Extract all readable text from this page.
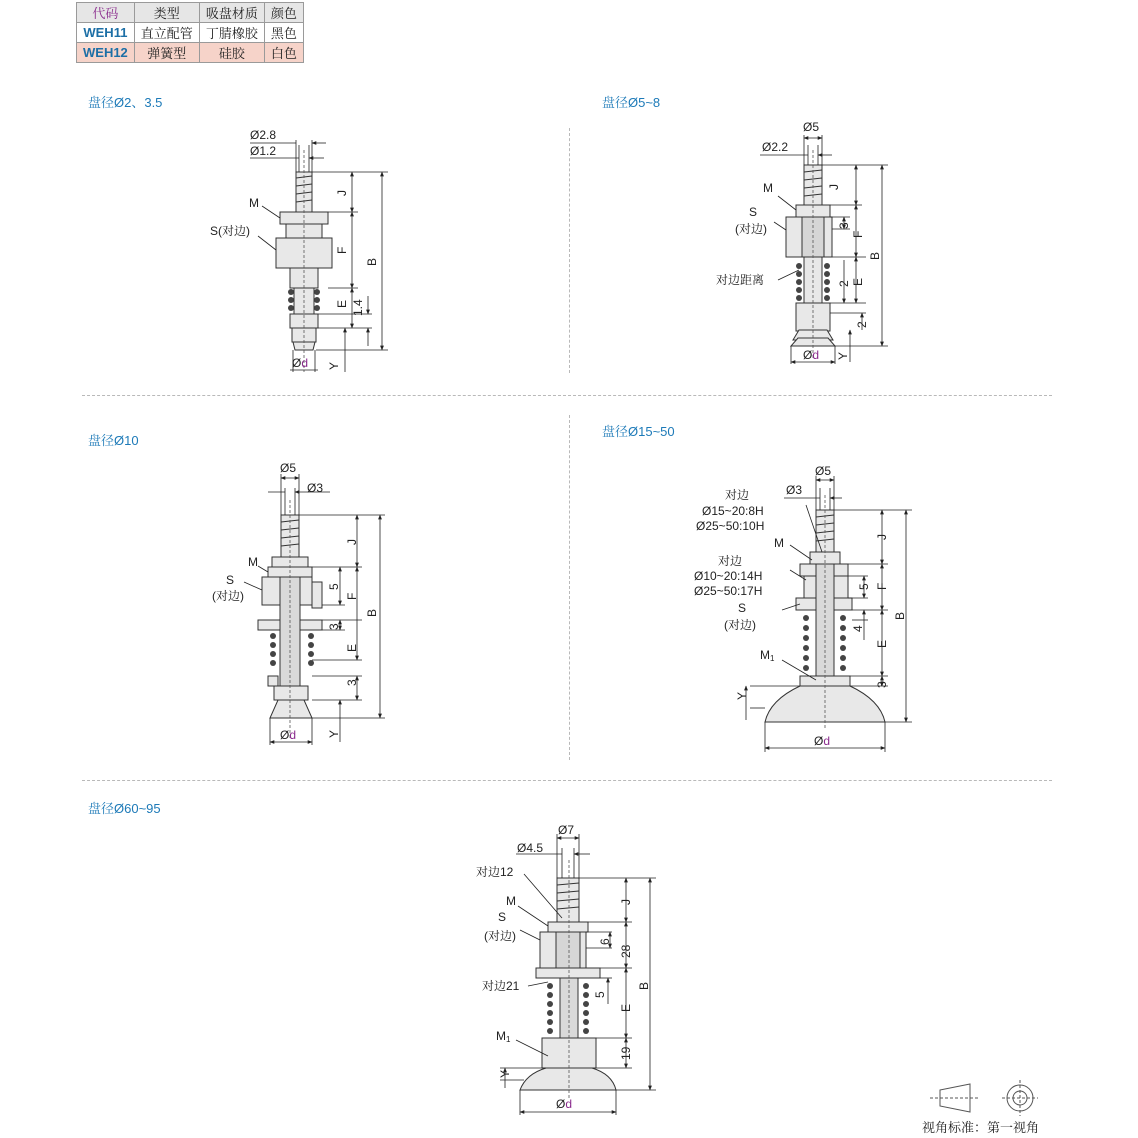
代码	类型	吸盘材质	颜色
WEH11	直立配管	丁腈橡胶	黑色
WEH12	弹簧型	硅胶	白色
盘径Ø2、3.5	盘径Ø5~8
盘径Ø10
盘径Ø15~50
盘径Ø60~95
Ø2.8
Ø1.2
M
S(对边)
J
F
E 1.4
B
Y
Ød
Ø5
Ø2.2
M
S
(对边)
对边距离
J
F
3
E
2
2
B
Y
Ød
Ø5
Ø3
M
S
(对边)
J
F
5
3
E
3
B
Y
Ød
Ø5
Ø3
对边
Ø15~20:8H
Ø25~50:10H
M
对边
Ø10~20:14H
Ø25~50:17H
S
(对边)
M1
J
F
5
4
E
3
B
Y
Ød
Ø7
Ø4.5
对边12
M
S
(对边)
对边21
M1
J
6
28
5
E
19
B
Y
Ød
视角标准：第一视角
